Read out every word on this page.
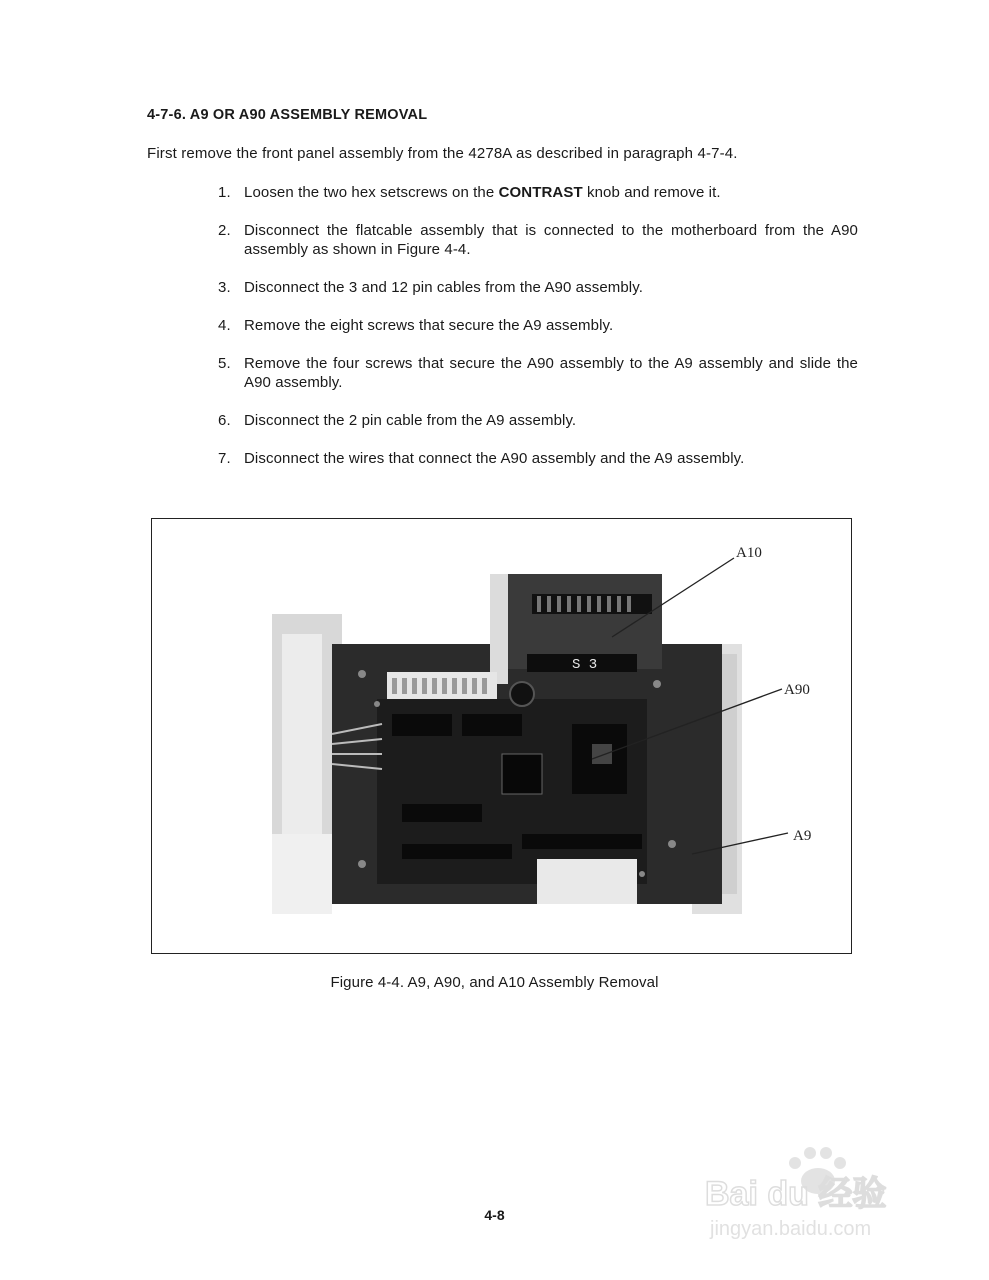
4-7-6. A9 OR A90 ASSEMBLY REMOVAL
First remove the front panel assembly from the 4278A as described in paragraph 4-7-4.
1. Loosen the two hex setscrews on the CONTRAST knob and remove it.
2. Disconnect the flatcable assembly that is connected to the motherboard from the A90 assembly as shown in Figure 4-4.
3. Disconnect the 3 and 12 pin cables from the A90 assembly.
4. Remove the eight screws that secure the A9 assembly.
5. Remove the four screws that secure the A90 assembly to the A9 assembly and slide the A90 assembly.
6. Disconnect the 2 pin cable from the A9 assembly.
7. Disconnect the wires that connect the A90 assembly and the A9 assembly.
S 3
A10
A90
A9
Figure 4-4. A9, A90, and A10 Assembly Removal
4-8
Bai du 经验
jingyan.baidu.com
